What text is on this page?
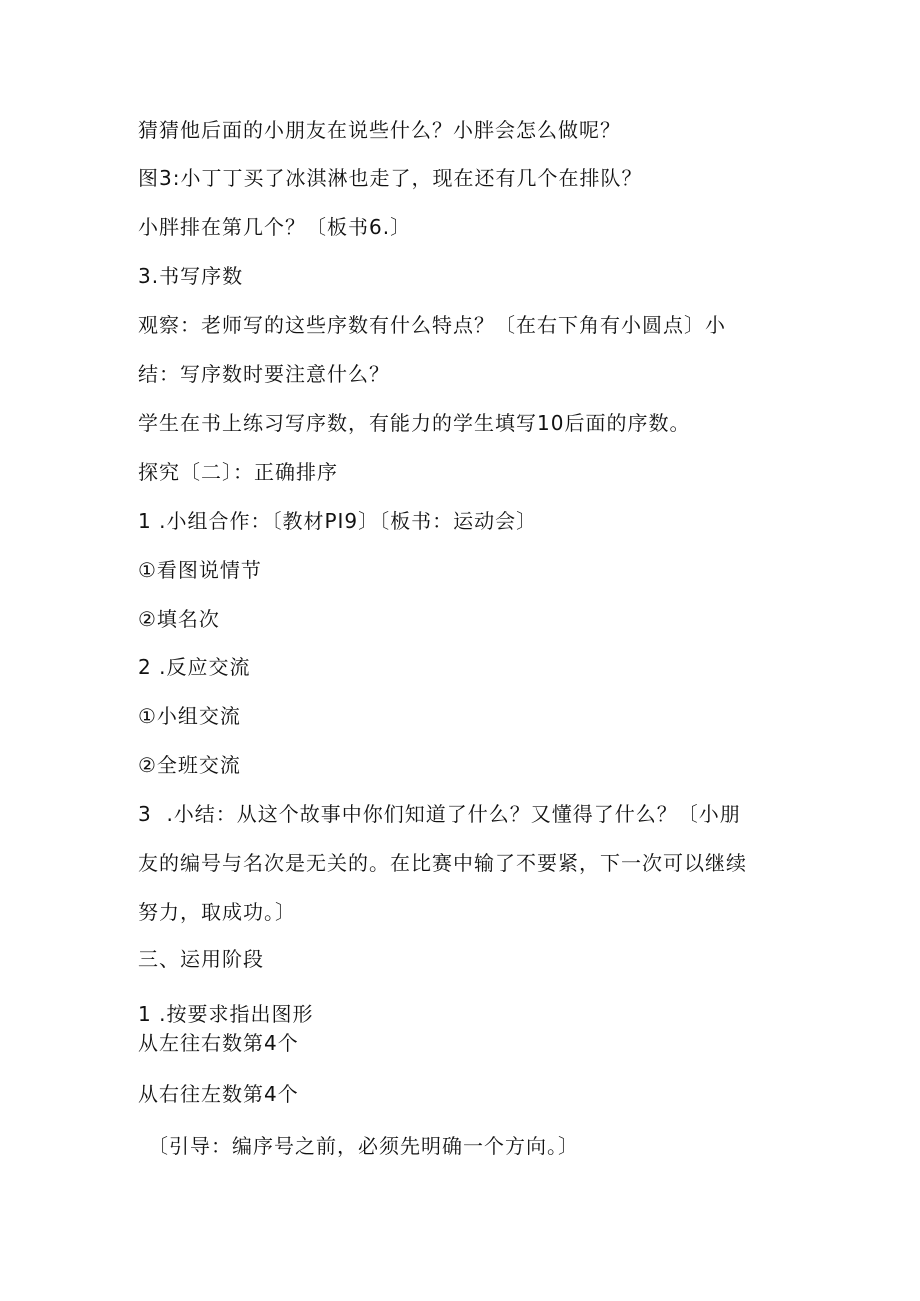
猜猜他后面的小朋友在说些什么？小胖会怎么做呢？
图3:小丁丁买了冰淇淋也走了，现在还有几个在排队？
小胖排在第几个？〔板书6.〕
3.书写序数
观察：老师写的这些序数有什么特点？〔在右下角有小圆点〕小
结：写序数时要注意什么？
学生在书上练习写序数，有能力的学生填写10后面的序数。
探究〔二〕：正确排序
1 .小组合作：〔教材PI9〕〔板书：运动会〕
①看图说情节
②填名次
2 .反应交流
①小组交流
②全班交流
3  .小结：从这个故事中你们知道了什么？又懂得了什么？〔小朋
友的编号与名次是无关的。在比赛中输了不要紧，下一次可以继续
努力，取成功。〕
三、运用阶段
1 .按要求指出图形
从左往右数第4个
从右往左数第4个
〔引导：编序号之前，必须先明确一个方向。〕
